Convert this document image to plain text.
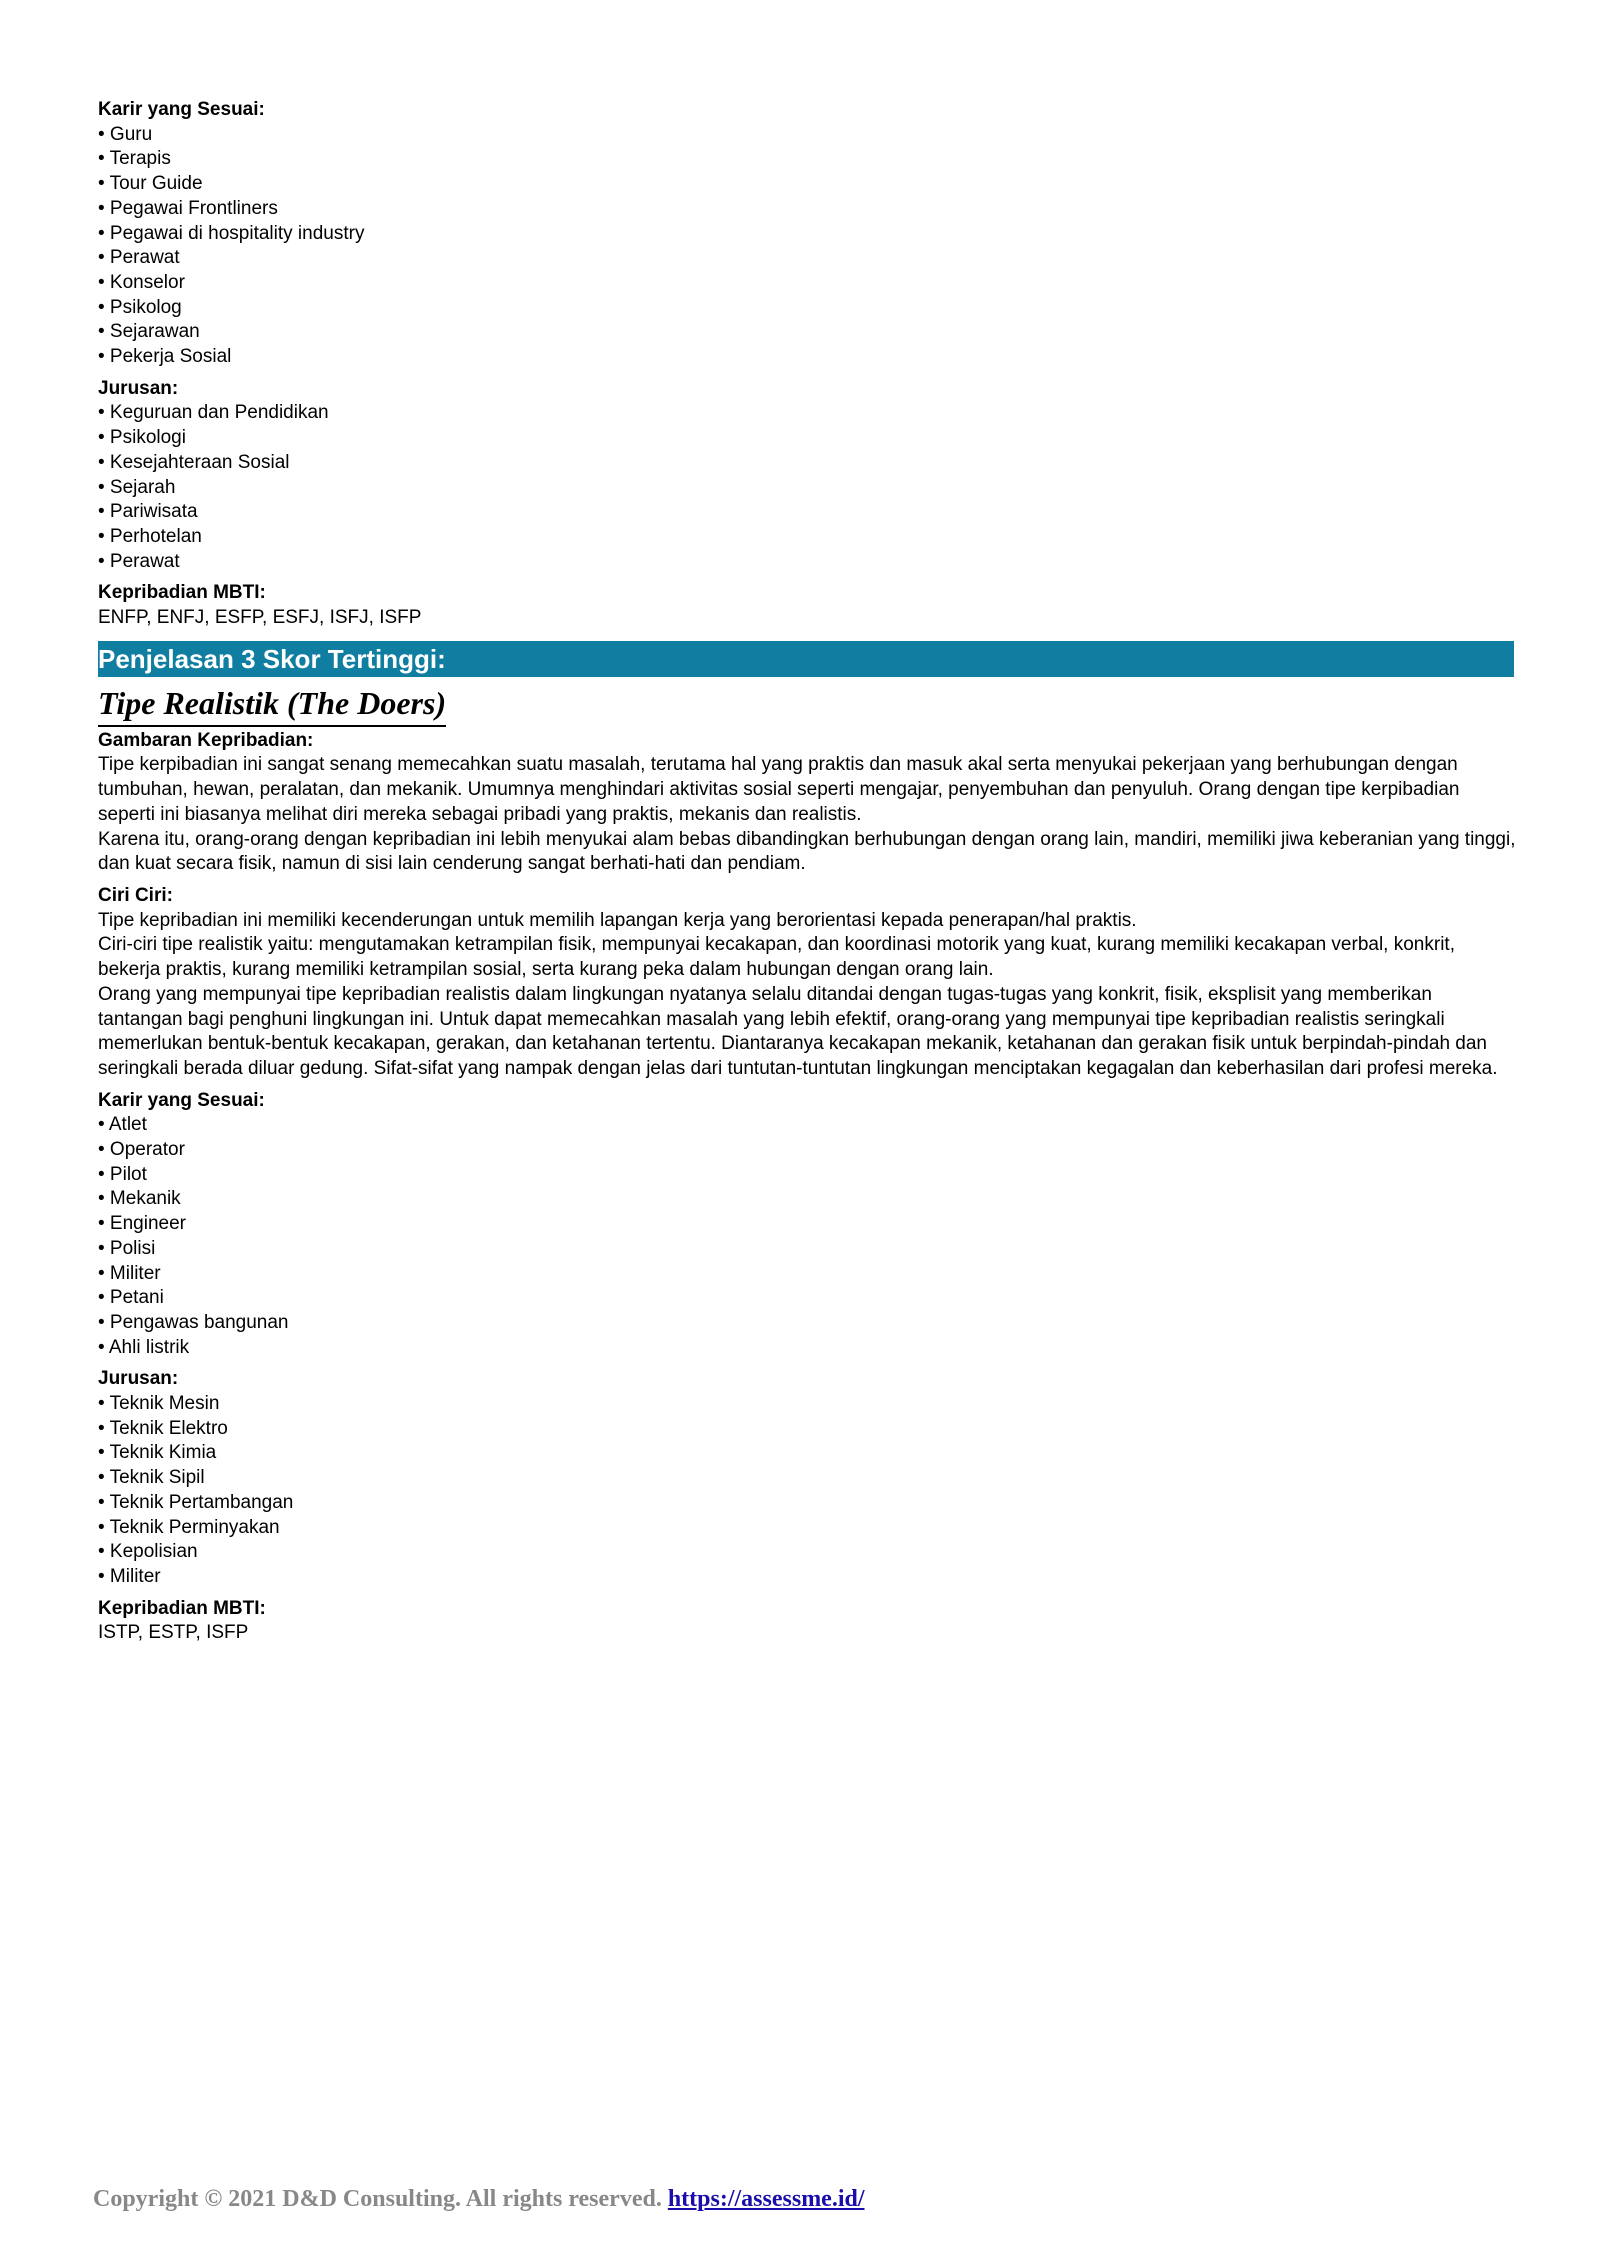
Karir yang Sesuai:

• Guru
• Terapis
• Tour Guide
• Pegawai Frontliners
• Pegawai di hospitality industry
• Perawat
• Konselor
• Psikolog
• Sejarawan
• Pekerja Sosial

Jurusan:

• Keguruan dan Pendidikan
• Psikologi
• Kesejahteraan Sosial
• Sejarah
• Pariwisata
• Perhotelan
• Perawat

Kepribadian MBTI:

ENFP, ENFJ, ESFP, ESFJ, ISFJ, ISFP

Penjelasan 3 Skor Tertinggi:
Tipe Realistik (The Doers)

Gambaran Kepribadian:

Tipe kerpibadian ini sangat senang memecahkan suatu masalah, terutama hal yang praktis dan masuk akal serta menyukai pekerjaan yang berhubungan dengan tumbuhan, hewan, peralatan, dan mekanik. Umumnya menghindari aktivitas sosial seperti mengajar, penyembuhan dan penyuluh. Orang dengan tipe kerpibadian seperti ini biasanya melihat diri mereka sebagai pribadi yang praktis, mekanis dan realistis.

Karena itu, orang-orang dengan kepribadian ini lebih menyukai alam bebas dibandingkan berhubungan dengan orang lain, mandiri, memiliki jiwa keberanian yang tinggi, dan kuat secara fisik, namun di sisi lain cenderung sangat berhati-hati dan pendiam.

Ciri Ciri:

Tipe kepribadian ini memiliki kecenderungan untuk memilih lapangan kerja yang berorientasi kepada penerapan/hal praktis.

Ciri-ciri tipe realistik yaitu: mengutamakan ketrampilan fisik, mempunyai kecakapan, dan koordinasi motorik yang kuat, kurang memiliki kecakapan verbal, konkrit, bekerja praktis, kurang memiliki ketrampilan sosial, serta kurang peka dalam hubungan dengan orang lain.

Orang yang mempunyai tipe kepribadian realistis dalam lingkungan nyatanya selalu ditandai dengan tugas-tugas yang konkrit, fisik, eksplisit yang memberikan tantangan bagi penghuni lingkungan ini. Untuk dapat memecahkan masalah yang lebih efektif, orang-orang yang mempunyai tipe kepribadian realistis seringkali memerlukan bentuk-bentuk kecakapan, gerakan, dan ketahanan tertentu. Diantaranya kecakapan mekanik, ketahanan dan gerakan fisik untuk berpindah-pindah dan seringkali berada diluar gedung. Sifat-sifat yang nampak dengan jelas dari tuntutan-tuntutan lingkungan menciptakan kegagalan dan keberhasilan dari profesi mereka.

Karir yang Sesuai:

• Atlet
• Operator
• Pilot
• Mekanik
• Engineer
• Polisi
• Militer
• Petani
• Pengawas bangunan
• Ahli listrik

Jurusan:

• Teknik Mesin
• Teknik Elektro
• Teknik Kimia
• Teknik Sipil
• Teknik Pertambangan
• Teknik Perminyakan
• Kepolisian
• Militer

Kepribadian MBTI:

ISTP, ESTP, ISFP

Copyright © 2021 D&D Consulting. All rights reserved. https://assessme.id/
